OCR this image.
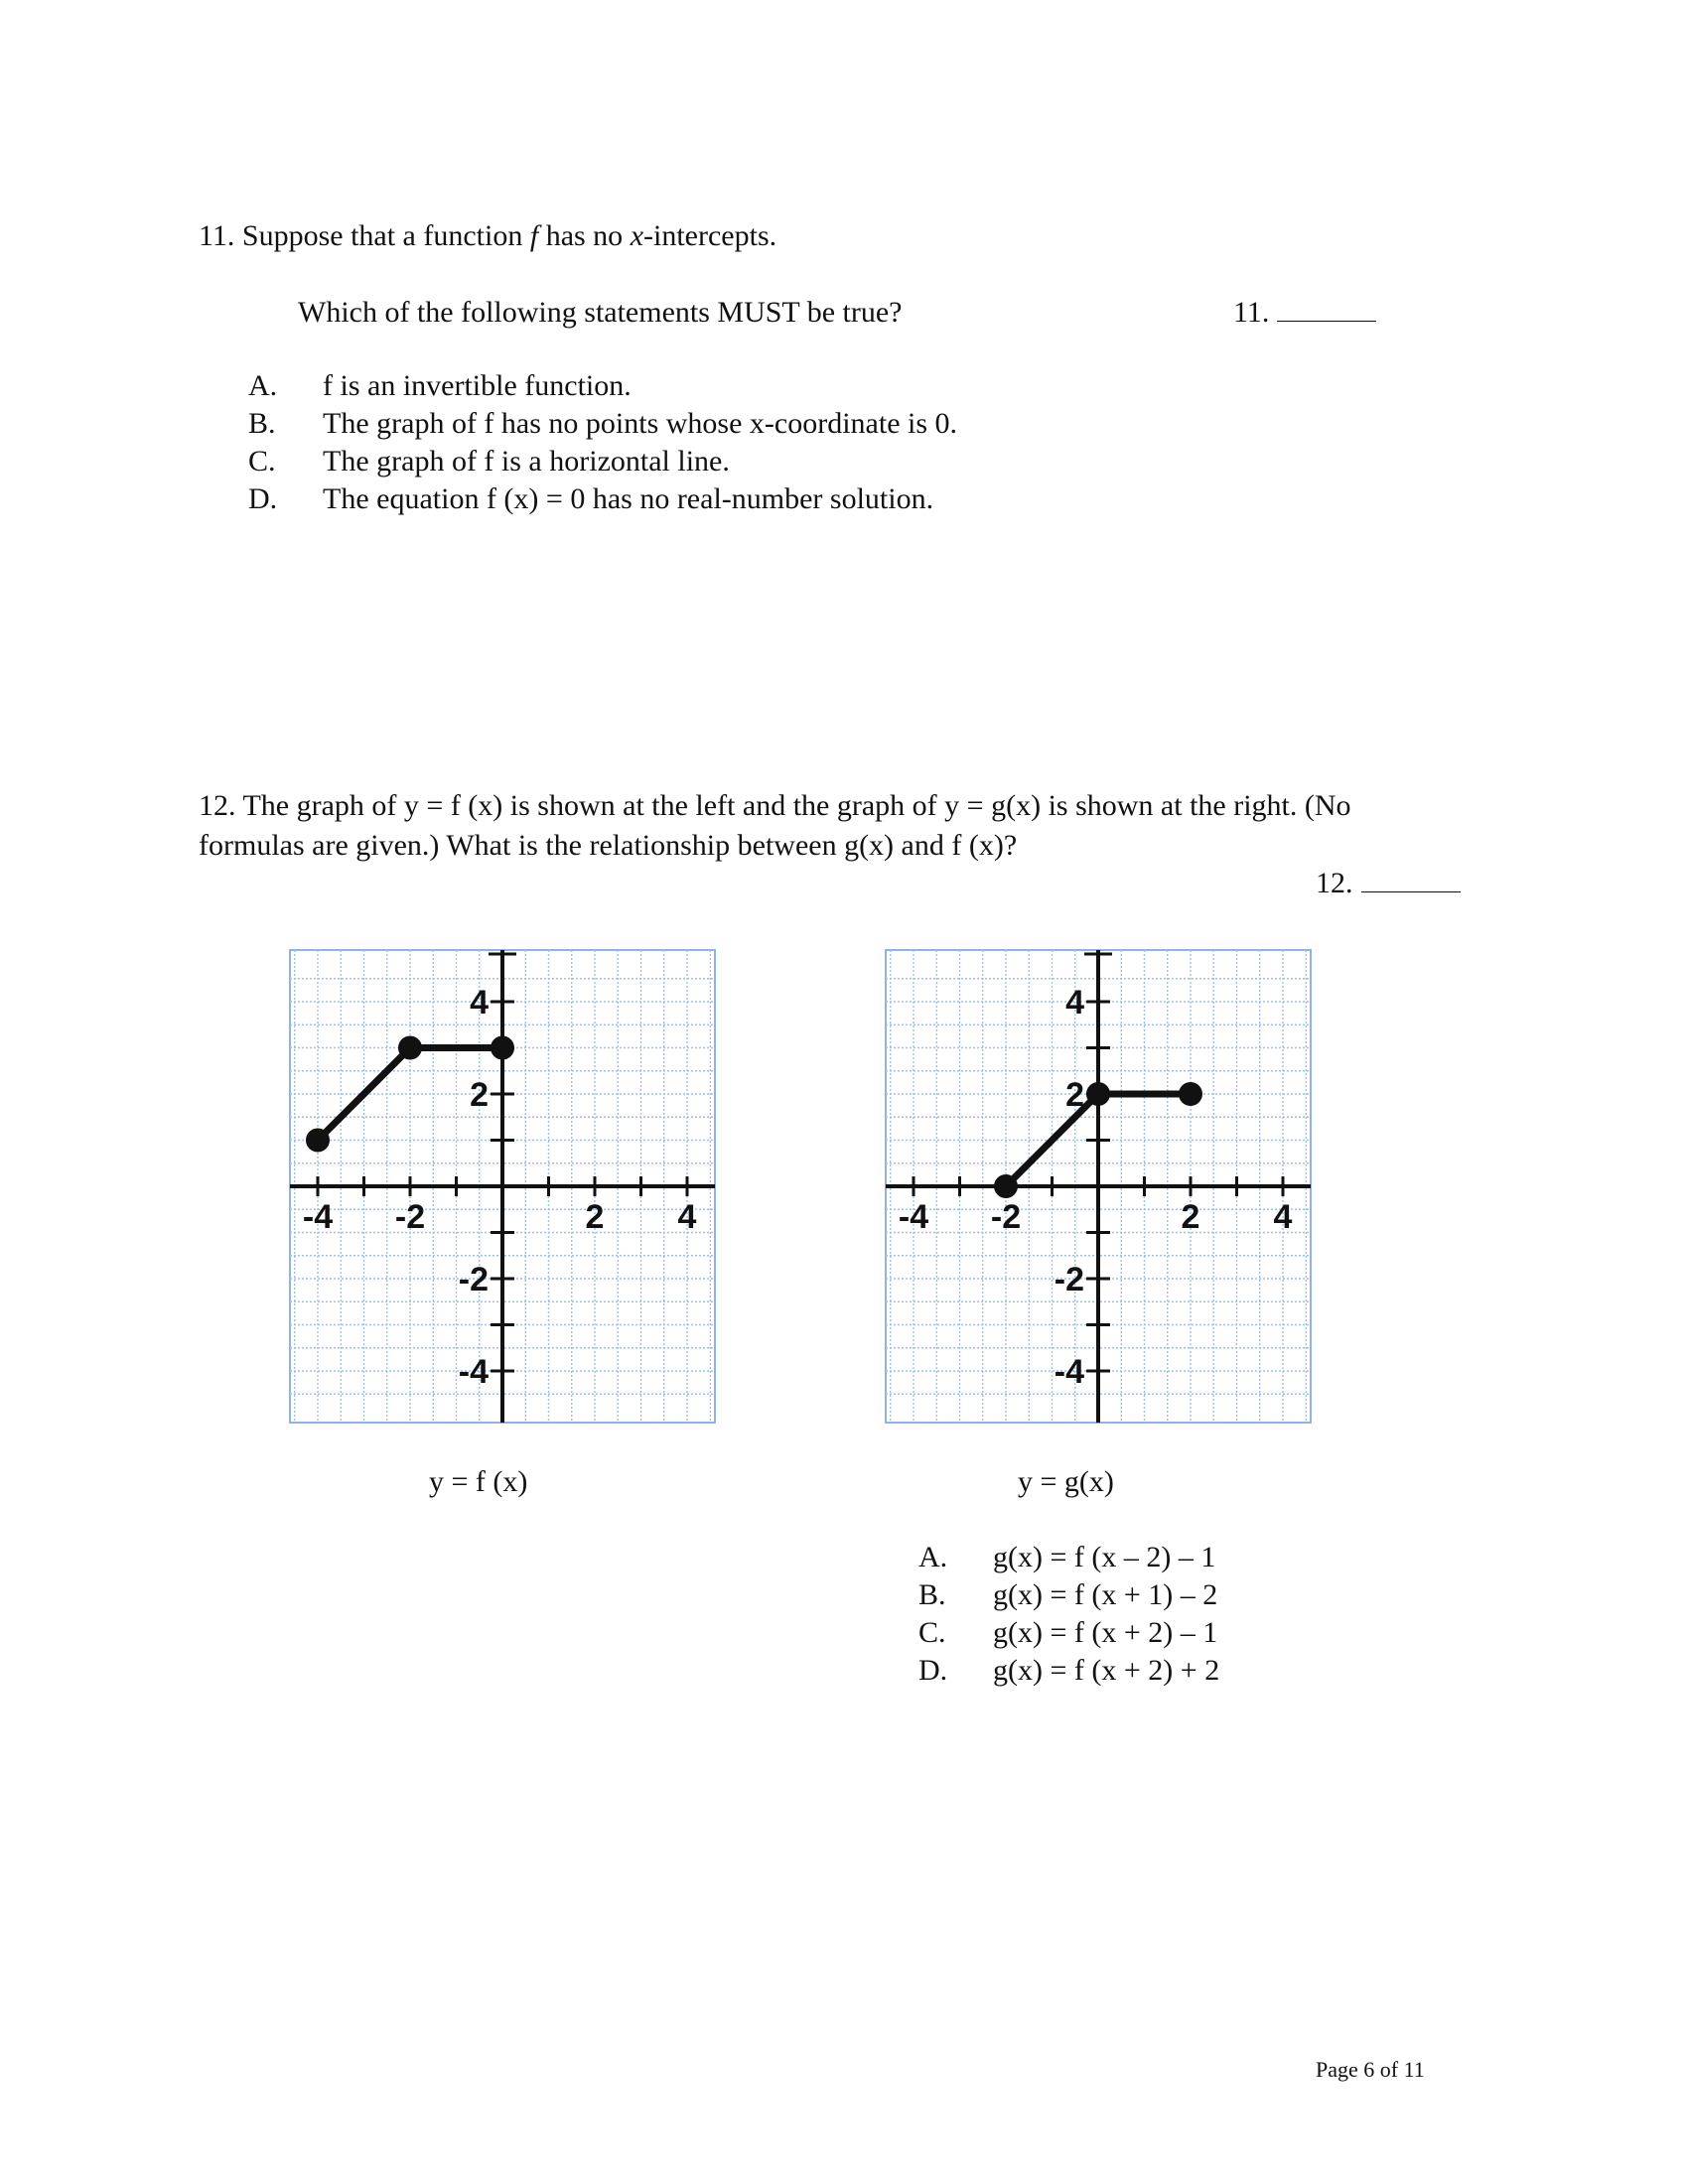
11. Suppose that a function f has no x-intercepts.
Which of the following statements MUST be true?	11.
A. f is an invertible function.
B. The graph of f has no points whose x-coordinate is 0.
C. The graph of f is a horizontal line.
D. The equation f (x) = 0 has no real-number solution.
12. The graph of y = f (x) is shown at the left and the graph of y = g(x) is shown at the right. (No
formulas are given.) What is the relationship between g(x) and f (x)?
12.
-4 -2	2 4
4
2
-2
-4
y = f (x)
-4 -2	2 4
4
2
-2
-4
y = g(x)
A. g(x) = f (x – 2) – 1
B. g(x) = f (x + 1) – 2
C. g(x) = f (x + 2) – 1
D. g(x) = f (x + 2) + 2
Page 6 of 11
